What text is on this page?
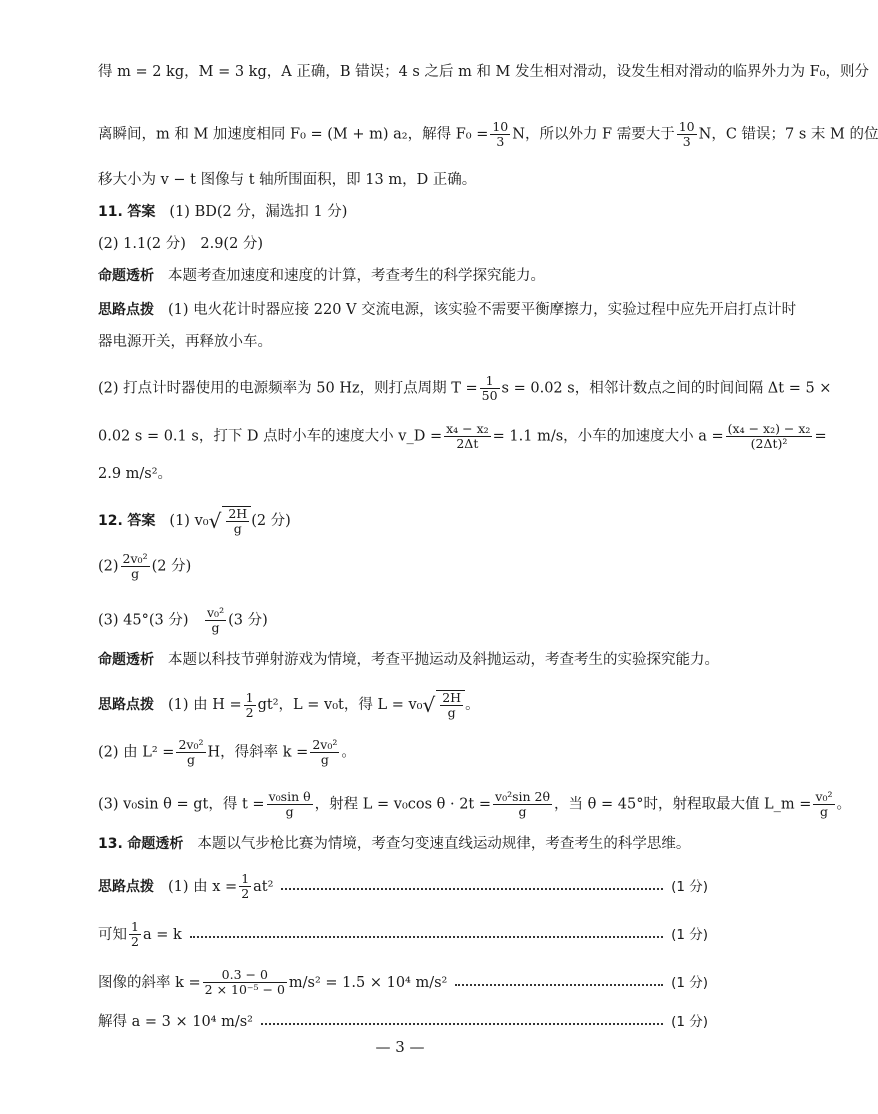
得 m = 2 kg，M = 3 kg，A 正确，B 错误；4 s 之后 m 和 M 发生相对滑动，设发生相对滑动的临界外力为 F₀，则分
离瞬间，m 和 M 加速度相同 F₀ = (M + m) a₂，解得 $F_0 = \frac{10}{3}$ N，所以外力 F 需要大于 $\frac{10}{3}$ N，C 错误；7 s 末 M 的位
移大小为 v − t 图像与 t 轴所围面积，即 13 m，D 正确。
11. 答案 (1) BD(2 分，漏选扣 1 分)
(2) 1.1(2 分)　2.9(2 分)
命题透析 本题考查加速度和速度的计算，考查考生的科学探究能力。
思路点拨 (1) 电火花计时器应接 220 V 交流电源，该实验不需要平衡摩擦力，实验过程中应先开启打点计时
器电源开关，再释放小车。
(2) 打点计时器使用的电源频率为 50 Hz，则打点周期 $T = \frac{1}{50}$ s = 0.02 s，相邻计数点之间的时间间隔 Δt = 5 ×
0.02 s = 0.1 s，打下 D 点时小车的速度大小 v_D = $\frac{\text{x₄ − x₂}}{2\Delta t} = 1.1$ m/s，小车的加速度大小 $a = \frac{\text{(x₄ − x₂) − x₂}}{\text{(2Δt)²}}$ =
2.9 m/s²。
12. 答案 (1) $v_0√ \frac{2H}{g} (2$ 分)
$(2) \frac{\text{2v₀²}}{g} (2$ 分)
(3) 45°(3 分)　 $\frac{\text{v₀²}}{g} (3$ 分)
命题透析 本题以科技节弹射游戏为情境，考查平抛运动及斜抛运动，考查考生的实验探究能力。
思路点拨 (1) 由 $H = \frac{1}{2} gt^2$，L = v₀t，得 $L = v_0√ \frac{2H}{g}$ 。
(2) 由 $L^2 = \frac{\text{2v₀²}}{g}$ H，得斜率 $k = \frac{\text{2v₀²}}{g}$ 。
(3) v₀sin θ = gt，得 $t = \frac{\text{v₀sin θ}}{g}$ ，射程 L = v₀cos $\theta \cdot 2t = \frac{\text{v₀²sin 2θ}}{g}$ ，当 θ = 45°时，射程取最大值 L_m = $\frac{\text{v₀²}}{g}$ 。
13. 命题透析 本题以气步枪比赛为情境，考查匀变速直线运动规律，考查考生的科学思维。
思路点拨 (1) 由 $x = \frac{1}{2} at^2$	(1 分)
可知 $\frac{1}{2}$ a = k	(1 分)
图像的斜率 $k = \frac{0.3 - 0}{\text{2 × 10⁻⁵ − 0}} m/s^2 = 1.5 \times 10^4$ m/s²	(1 分)
解得 a = 3 × 10⁴ m/s²	(1 分)
— 3 —
